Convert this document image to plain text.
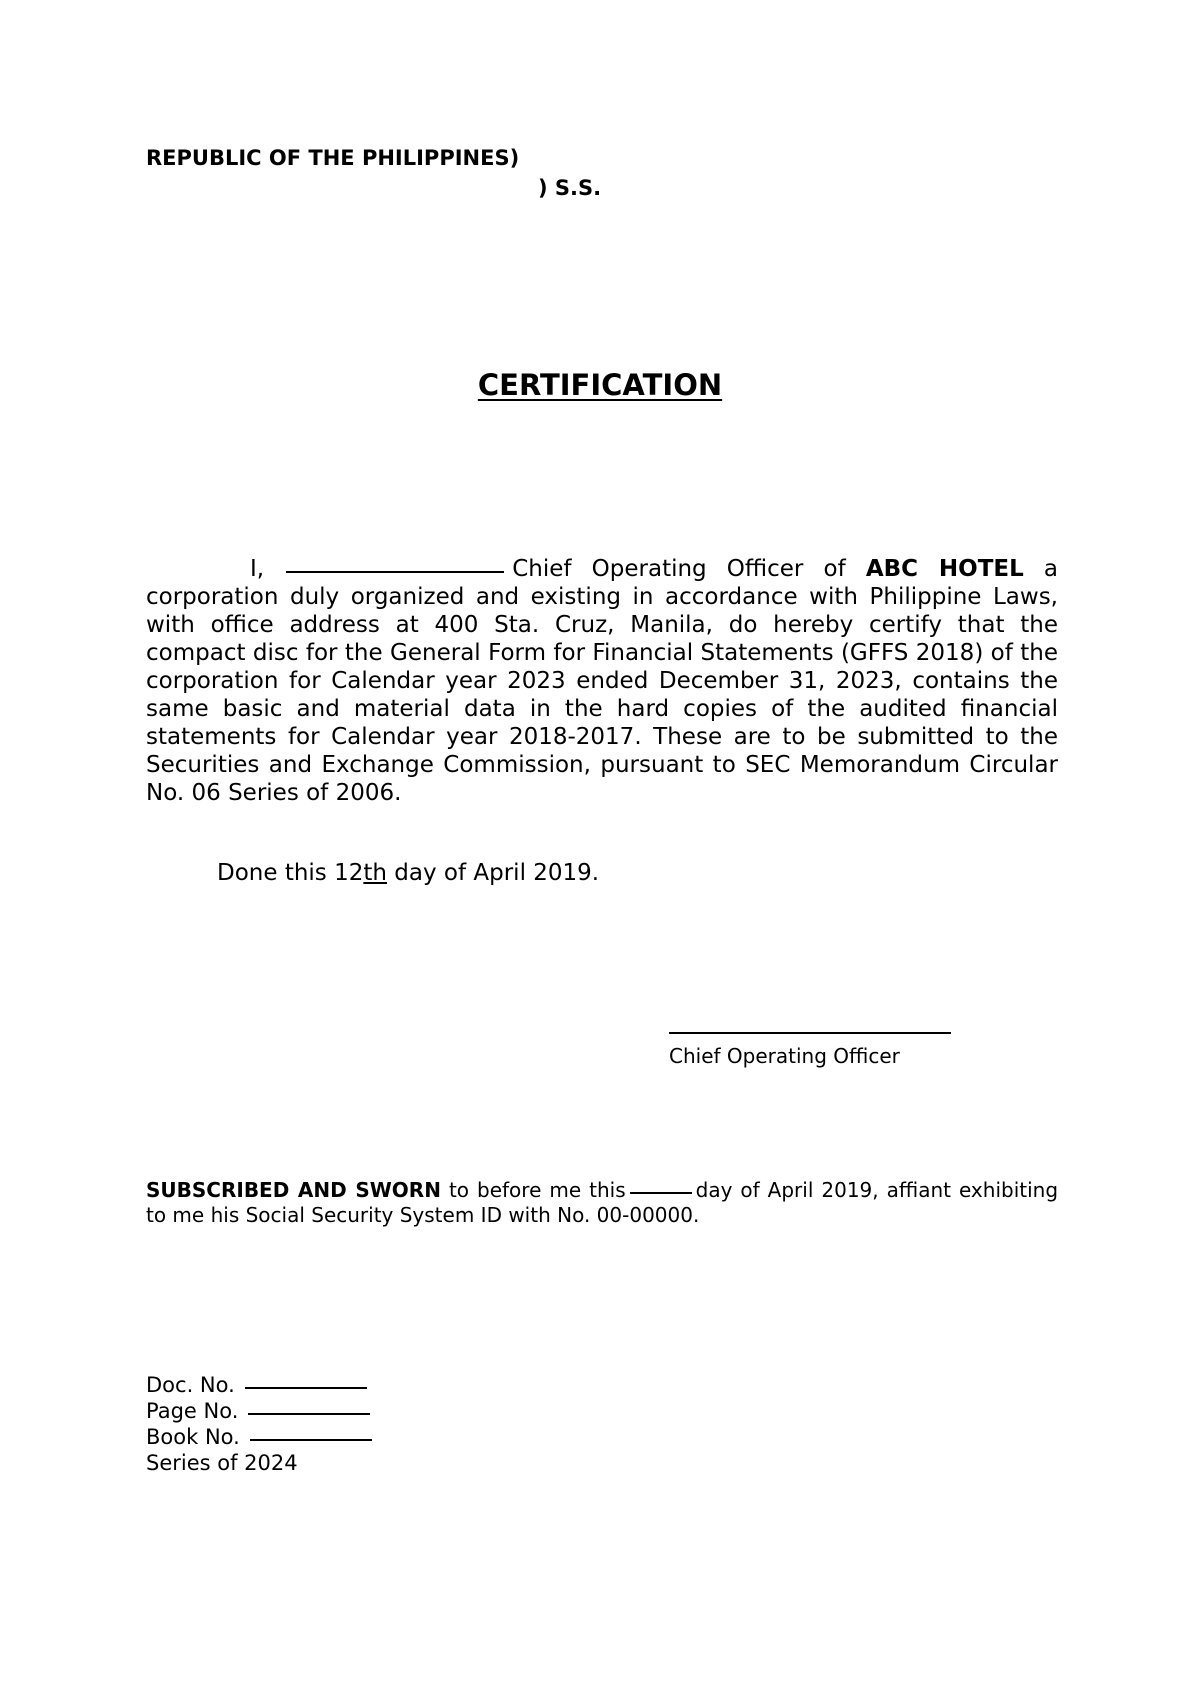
REPUBLIC OF THE PHILIPPINES)
) S.S.
CERTIFICATION

I,	Chief Operating Officer of ABC HOTEL a corporation duly organized and existing in accordance with Philippine Laws, with office address at 400 Sta. Cruz, Manila, do hereby certify that the compact disc for the General Form for Financial Statements (GFFS 2018) of the corporation for Calendar year 2023 ended December 31, 2023, contains the same basic and material data in the hard copies of the audited financial statements for Calendar year 2018-2017. These are to be submitted to the Securities and Exchange Commission, pursuant to SEC Memorandum Circular No. 06 Series of 2006.

Done this 12th day of April 2019.
Chief Operating Officer

SUBSCRIBED AND SWORN to before me this	day of April 2019, affiant exhibiting to me his Social Security System ID with No. 00-00000.

Doc. No.
Page No.
Book No.
Series of 2024
